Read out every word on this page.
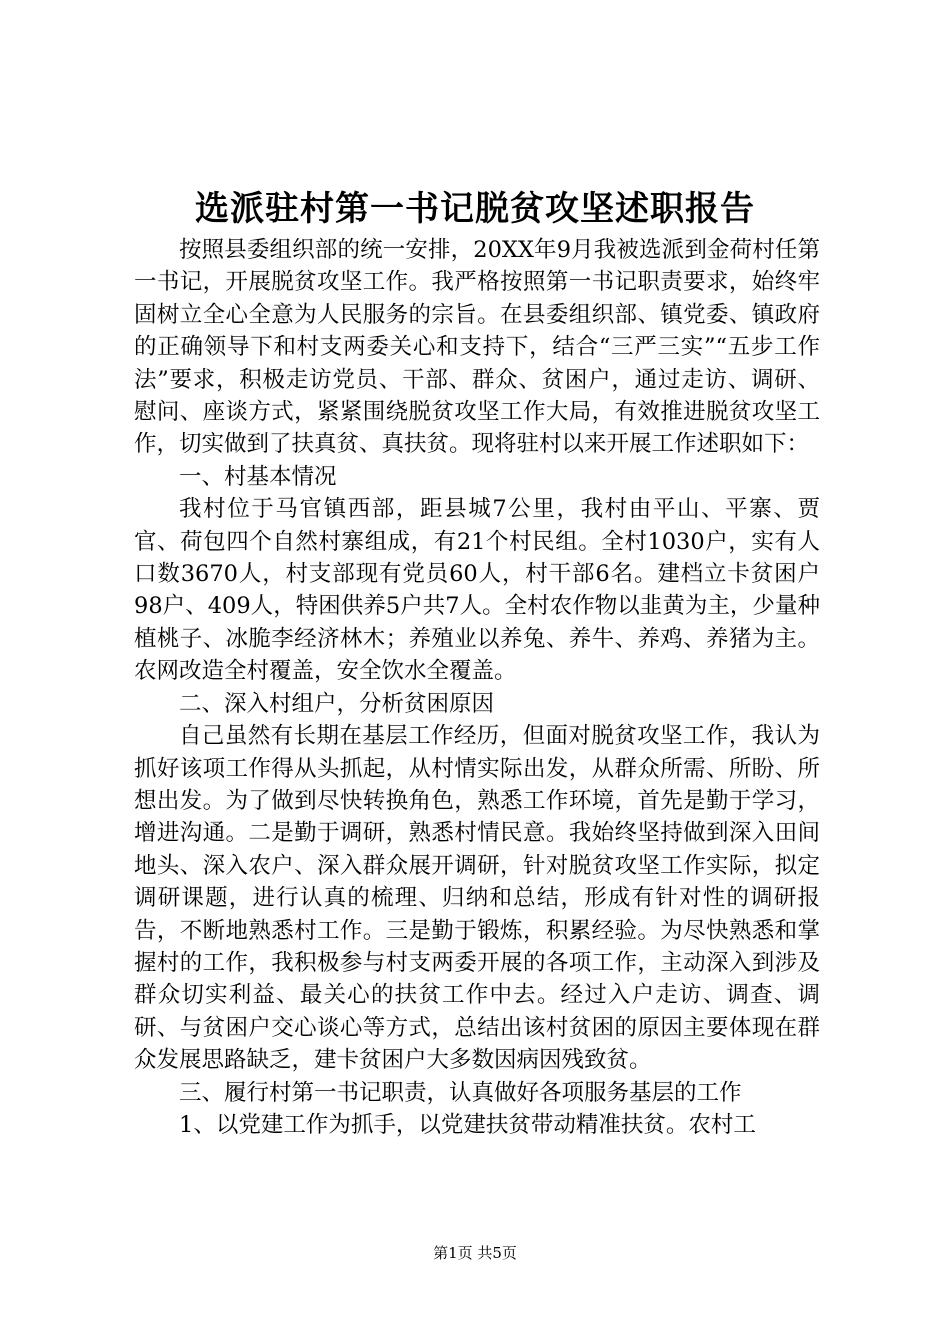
选派驻村第一书记脱贫攻坚述职报告

按照县委组织部的统一安排，20XX年9月我被选派到金荷村任第一书记，开展脱贫攻坚工作。我严格按照第一书记职责要求，始终牢固树立全心全意为人民服务的宗旨。在县委组织部、镇党委、镇政府的正确领导下和村支两委关心和支持下，结合“三严三实”“五步工作法”要求，积极走访党员、干部、群众、贫困户，通过走访、调研、慰问、座谈方式，紧紧围绕脱贫攻坚工作大局，有效推进脱贫攻坚工作，切实做到了扶真贫、真扶贫。现将驻村以来开展工作述职如下：

一、村基本情况

我村位于马官镇西部，距县城7公里，我村由平山、平寨、贾官、荷包四个自然村寨组成，有21个村民组。全村1030户，实有人口数3670人，村支部现有党员60人，村干部6名。建档立卡贫困户98户、409人，特困供养5户共7人。全村农作物以韭黄为主，少量种植桃子、冰脆李经济林木；养殖业以养兔、养牛、养鸡、养猪为主。农网改造全村覆盖，安全饮水全覆盖。

二、深入村组户，分析贫困原因

自己虽然有长期在基层工作经历，但面对脱贫攻坚工作，我认为抓好该项工作得从头抓起，从村情实际出发，从群众所需、所盼、所想出发。为了做到尽快转换角色，熟悉工作环境，首先是勤于学习，增进沟通。二是勤于调研，熟悉村情民意。我始终坚持做到深入田间地头、深入农户、深入群众展开调研，针对脱贫攻坚工作实际，拟定调研课题，进行认真的梳理、归纳和总结，形成有针对性的调研报告，不断地熟悉村工作。三是勤于锻炼，积累经验。为尽快熟悉和掌握村的工作，我积极参与村支两委开展的各项工作，主动深入到涉及群众切实利益、最关心的扶贫工作中去。经过入户走访、调查、调研、与贫困户交心谈心等方式，总结出该村贫困的原因主要体现在群众发展思路缺乏，建卡贫困户大多数因病因残致贫。

三、履行村第一书记职责，认真做好各项服务基层的工作

1、以党建工作为抓手，以党建扶贫带动精准扶贫。农村工

第1页 共5页
